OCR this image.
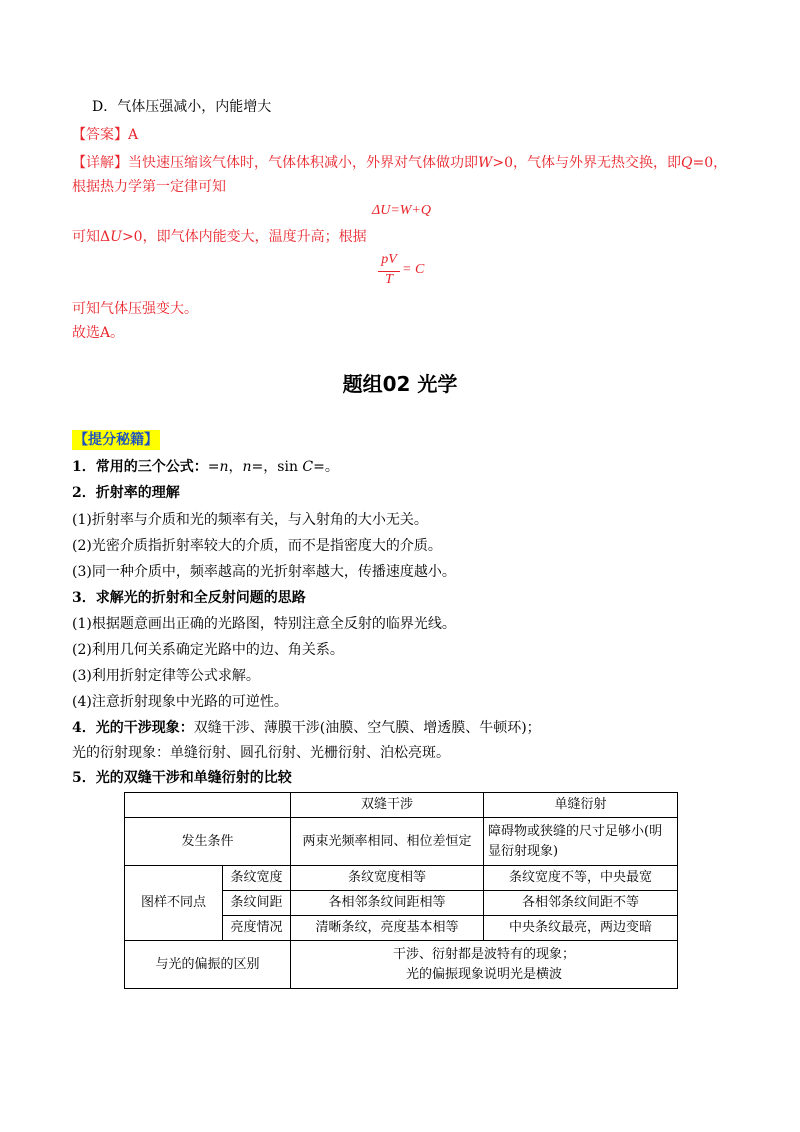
D．气体压强减小，内能增大
【答案】A
【详解】当快速压缩该气体时，气体体积减小，外界对气体做功即W>0，气体与外界无热交换，即Q=0，
根据热力学第一定律可知
ΔU=W+Q
可知ΔU>0，即气体内能变大，温度升高；根据
pV
T
= C
可知气体压强变大。
故选A。
题组02 光学
【提分秘籍】
1．常用的三个公式：=n，n=，sin C=。
2．折射率的理解
(1)折射率与介质和光的频率有关，与入射角的大小无关。
(2)光密介质指折射率较大的介质，而不是指密度大的介质。
(3)同一种介质中，频率越高的光折射率越大，传播速度越小。
3．求解光的折射和全反射问题的思路
(1)根据题意画出正确的光路图，特别注意全反射的临界光线。
(2)利用几何关系确定光路中的边、角关系。
(3)利用折射定律等公式求解。
(4)注意折射现象中光路的可逆性。
4．光的干涉现象：双缝干涉、薄膜干涉(油膜、空气膜、增透膜、牛顿环)；
光的衍射现象：单缝衍射、圆孔衍射、光栅衍射、泊松亮斑。
5．光的双缝干涉和单缝衍射的比较
		双缝干涉	单缝衍射
发生条件		两束光频率相同、相位差恒定	障碍物或狭缝的尺寸足够小(明显衍射现象)
图样不同点	条纹宽度	条纹宽度相等	条纹宽度不等，中央最宽
	条纹间距	各相邻条纹间距相等	各相邻条纹间距不等
	亮度情况	清晰条纹，亮度基本相等	中央条纹最亮，两边变暗
与光的偏振的区别		干涉、衍射都是波特有的现象；
光的偏振现象说明光是横波	
